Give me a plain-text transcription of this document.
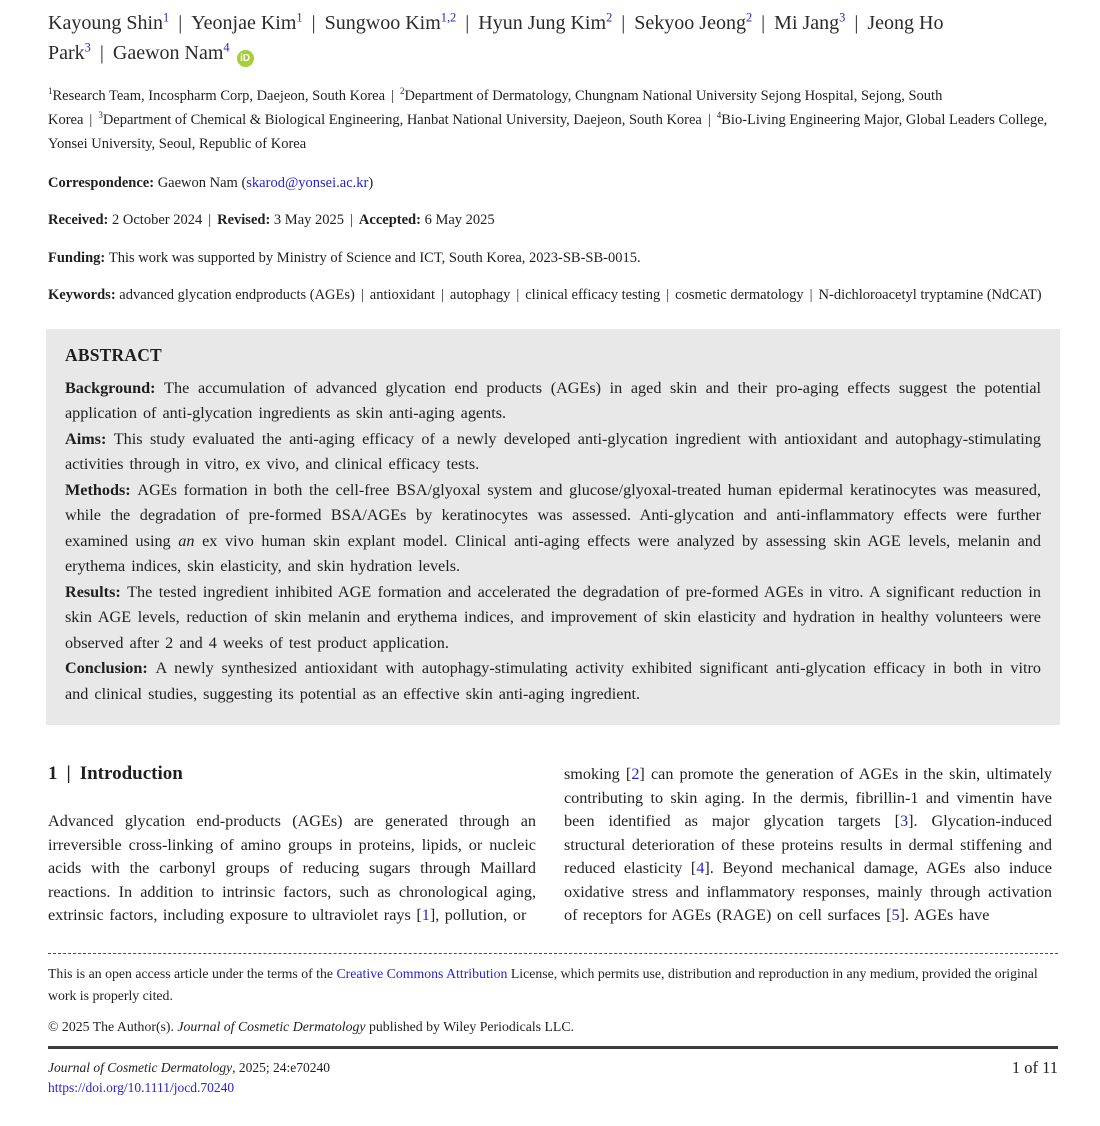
Kayoung Shin$^1$ | Yeonjae Kim$^1$ | Sungwoo Kim$^{1,2}$ | Hyun Jung Kim$^2$ | Sekyoo Jeong$^2$ | Mi Jang$^3$ | Jeong Ho Park$^3$ | Gaewon Nam$^4$iD
$^1$Research Team, Incospharm Corp, Daejeon, South Korea | $^2$Department of Dermatology, Chungnam National University Sejong Hospital, Sejong, South Korea | $^3$Department of Chemical & Biological Engineering, Hanbat National University, Daejeon, South Korea | $^4$Bio-Living Engineering Major, Global Leaders College, Yonsei University, Seoul, Republic of Korea
Correspondence: Gaewon Nam (skarod@yonsei.ac.kr)
Received: 2 October 2024 | Revised: 3 May 2025 | Accepted: 6 May 2025
Funding: This work was supported by Ministry of Science and ICT, South Korea, 2023-SB-SB-0015.
Keywords: advanced glycation endproducts (AGEs) | antioxidant | autophagy | clinical efficacy testing | cosmetic dermatology | N-dichloroacetyl tryptamine (NdCAT)
ABSTRACT

Background: The accumulation of advanced glycation end products (AGEs) in aged skin and their pro-aging effects suggest the potential application of anti-glycation ingredients as skin anti-aging agents.

Aims: This study evaluated the anti-aging efficacy of a newly developed anti-glycation ingredient with antioxidant and autophagy-stimulating activities through in vitro, ex vivo, and clinical efficacy tests.

Methods: AGEs formation in both the cell-free BSA/glyoxal system and glucose/glyoxal-treated human epidermal keratinocytes was measured, while the degradation of pre-formed BSA/AGEs by keratinocytes was assessed. Anti-glycation and anti-inflammatory effects were further examined using an ex vivo human skin explant model. Clinical anti-aging effects were analyzed by assessing skin AGE levels, melanin and erythema indices, skin elasticity, and skin hydration levels.

Results: The tested ingredient inhibited AGE formation and accelerated the degradation of pre-formed AGEs in vitro. A significant reduction in skin AGE levels, reduction of skin melanin and erythema indices, and improvement of skin elasticity and hydration in healthy volunteers were observed after 2 and 4 weeks of test product application.

Conclusion: A newly synthesized antioxidant with autophagy-stimulating activity exhibited significant anti-glycation efficacy in both in vitro and clinical studies, suggesting its potential as an effective skin anti-aging ingredient.

1 | Introduction

Advanced glycation end-products (AGEs) are generated through an irreversible cross-linking of amino groups in proteins, lipids, or nucleic acids with the carbonyl groups of reducing sugars through Maillard reactions. In addition to intrinsic factors, such as chronological aging, extrinsic factors, including exposure to ultraviolet rays [1], pollution, or

smoking [2] can promote the generation of AGEs in the skin, ultimately contributing to skin aging. In the dermis, fibrillin-1 and vimentin have been identified as major glycation targets [3]. Glycation-induced structural deterioration of these proteins results in dermal stiffening and reduced elasticity [4]. Beyond mechanical damage, AGEs also induce oxidative stress and inflammatory responses, mainly through activation of receptors for AGEs (RAGE) on cell surfaces [5]. AGEs have

This is an open access article under the terms of the Creative Commons Attribution License, which permits use, distribution and reproduction in any medium, provided the original work is properly cited.

© 2025 The Author(s). Journal of Cosmetic Dermatology published by Wiley Periodicals LLC.

Journal of Cosmetic Dermatology, 2025; 24:e70240
https://doi.org/10.1111/jocd.70240
1 of 11
